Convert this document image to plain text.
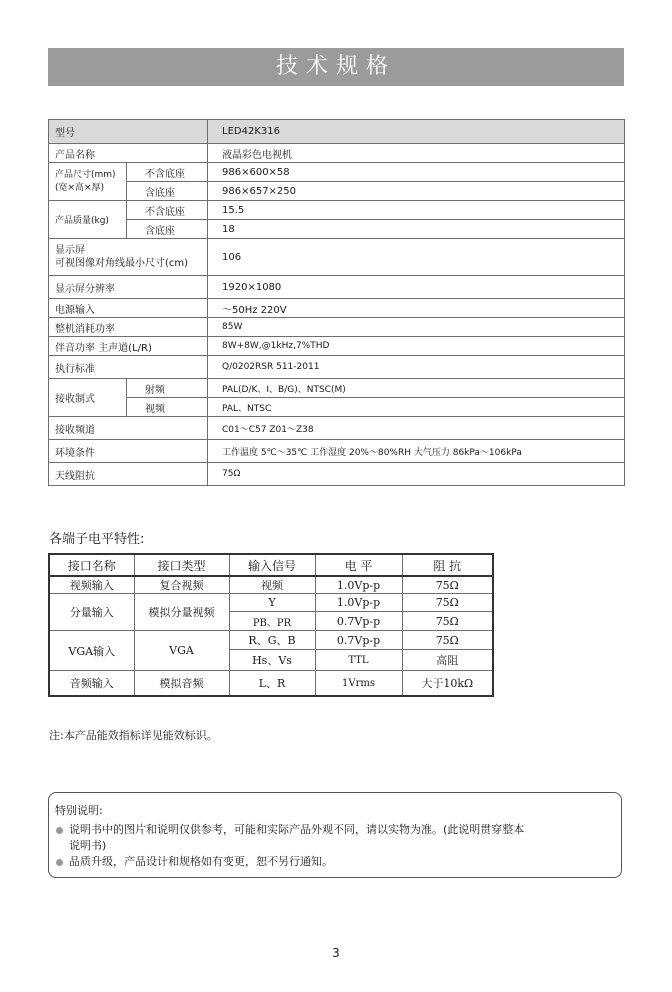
技术规格
型号		LED42K316
产品名称		液晶彩色电视机
产品尺寸(mm)
(宽×高×厚)	不含底座	986×600×58
	含底座	986×657×250
产品质量(kg)	不含底座	15.5
	含底座	18
显示屏
可视图像对角线最小尺寸(cm)		106
显示屏分辨率		1920×1080
电源输入		～50Hz 220V
整机消耗功率		85W
伴音功率 主声道(L/R)		8W+8W,@1kHz,7%THD
执行标准		Q/0202RSR 511-2011
接收制式	射频	PAL(D/K、I、B/G)、NTSC(M)
	视频	PAL、NTSC
接收频道		C01～C57 Z01～Z38
环境条件		工作温度 5℃～35℃ 工作湿度 20%～80%RH 大气压力 86kPa～106kPa
天线阻抗		75Ω
各端子电平特性:
接口名称	接口类型	输入信号	电 平	阻 抗
视频输入	复合视频	视频	1.0Vp-p	75Ω
分量输入	模拟分量视频	Y	1.0Vp-p	75Ω
		PB、PR	0.7Vp-p	75Ω
VGA输入	VGA	R、G、B	0.7Vp-p	75Ω
		Hs、Vs	TTL	高阻
音频输入	模拟音频	L、R	1Vrms	大于10kΩ
注:本产品能效指标详见能效标识。
特别说明:
说明书中的图片和说明仅供参考，可能和实际产品外观不同，请以实物为准。(此说明贯穿整本
说明书)
品质升级，产品设计和规格如有变更，恕不另行通知。
3
